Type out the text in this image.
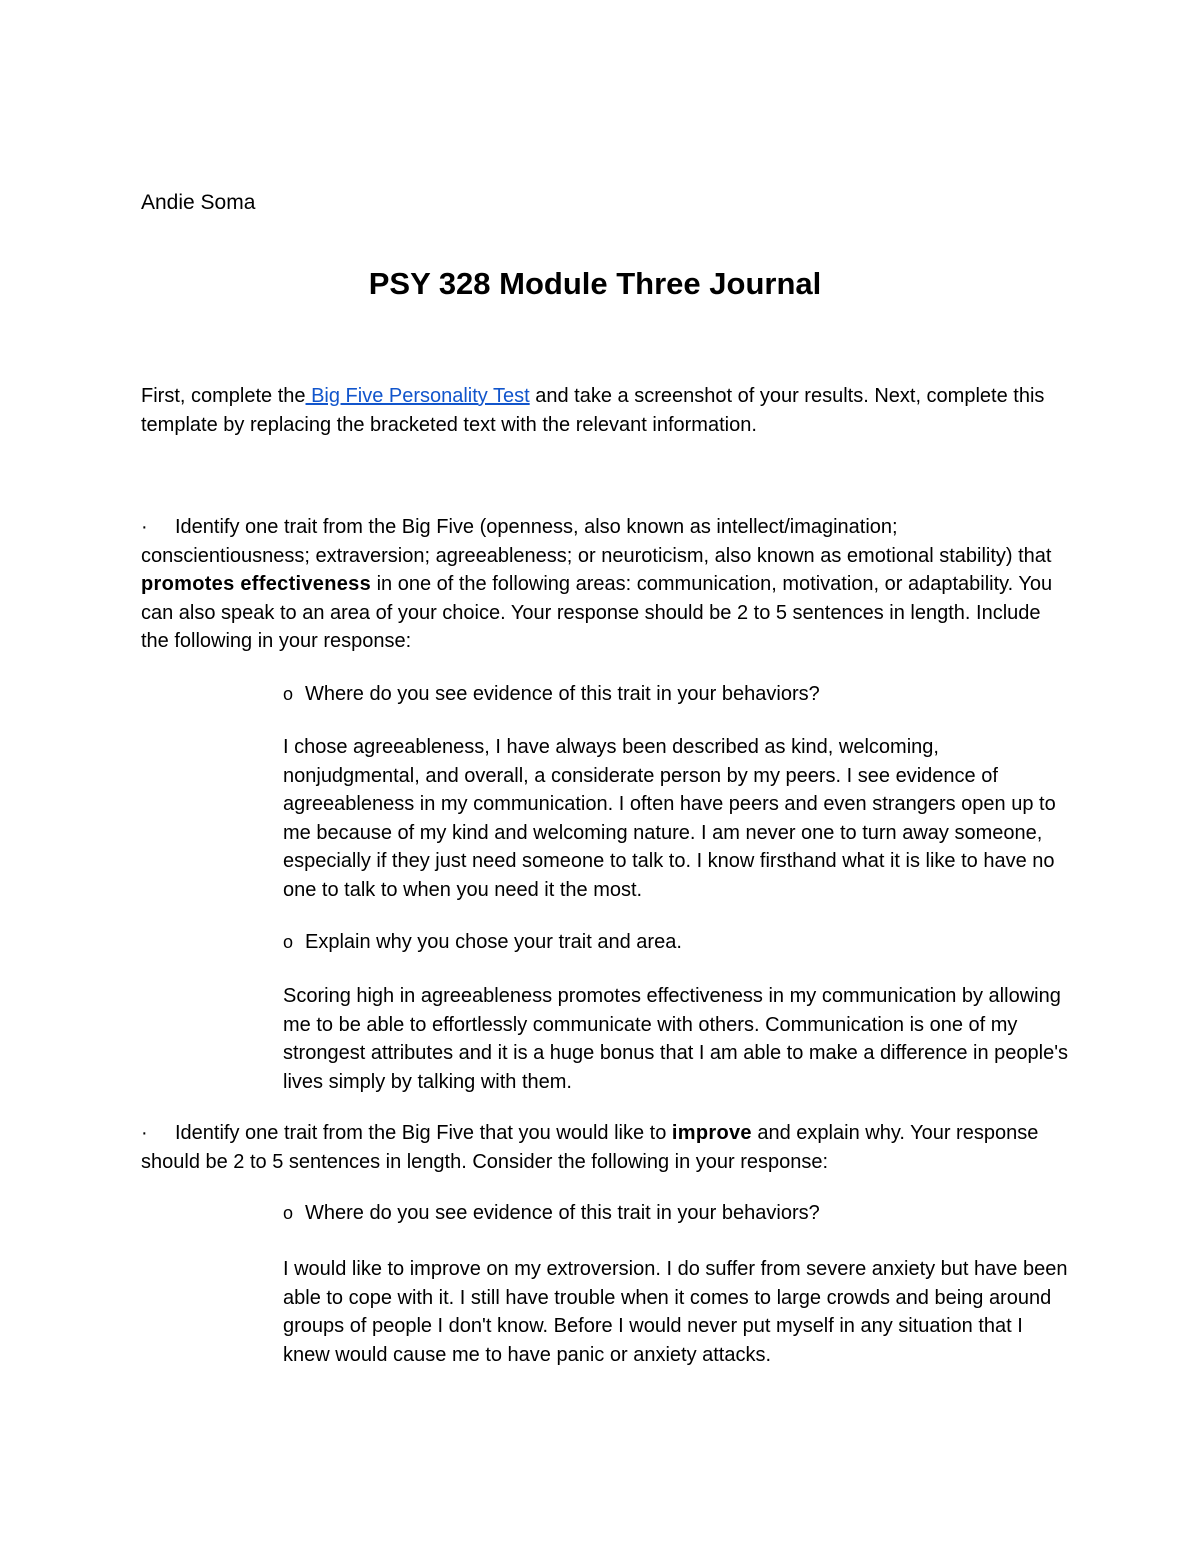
Andie Soma
PSY 328 Module Three Journal
First, complete the Big Five Personality Test and take a screenshot of your results. Next, complete this template by replacing the bracketed text with the relevant information.
· Identify one trait from the Big Five (openness, also known as intellect/imagination; conscientiousness; extraversion; agreeableness; or neuroticism, also known as emotional stability) that promotes effectiveness in one of the following areas: communication, motivation, or adaptability. You can also speak to an area of your choice. Your response should be 2 to 5 sentences in length. Include the following in your response:
o Where do you see evidence of this trait in your behaviors?
I chose agreeableness, I have always been described as kind, welcoming, nonjudgmental, and overall, a considerate person by my peers. I see evidence of agreeableness in my communication. I often have peers and even strangers open up to me because of my kind and welcoming nature. I am never one to turn away someone, especially if they just need someone to talk to. I know firsthand what it is like to have no one to talk to when you need it the most.
o Explain why you chose your trait and area.
Scoring high in agreeableness promotes effectiveness in my communication by allowing me to be able to effortlessly communicate with others. Communication is one of my strongest attributes and it is a huge bonus that I am able to make a difference in people's lives simply by talking with them.
· Identify one trait from the Big Five that you would like to improve and explain why. Your response should be 2 to 5 sentences in length. Consider the following in your response:
o Where do you see evidence of this trait in your behaviors?
I would like to improve on my extroversion. I do suffer from severe anxiety but have been able to cope with it. I still have trouble when it comes to large crowds and being around groups of people I don't know. Before I would never put myself in any situation that I knew would cause me to have panic or anxiety attacks.
